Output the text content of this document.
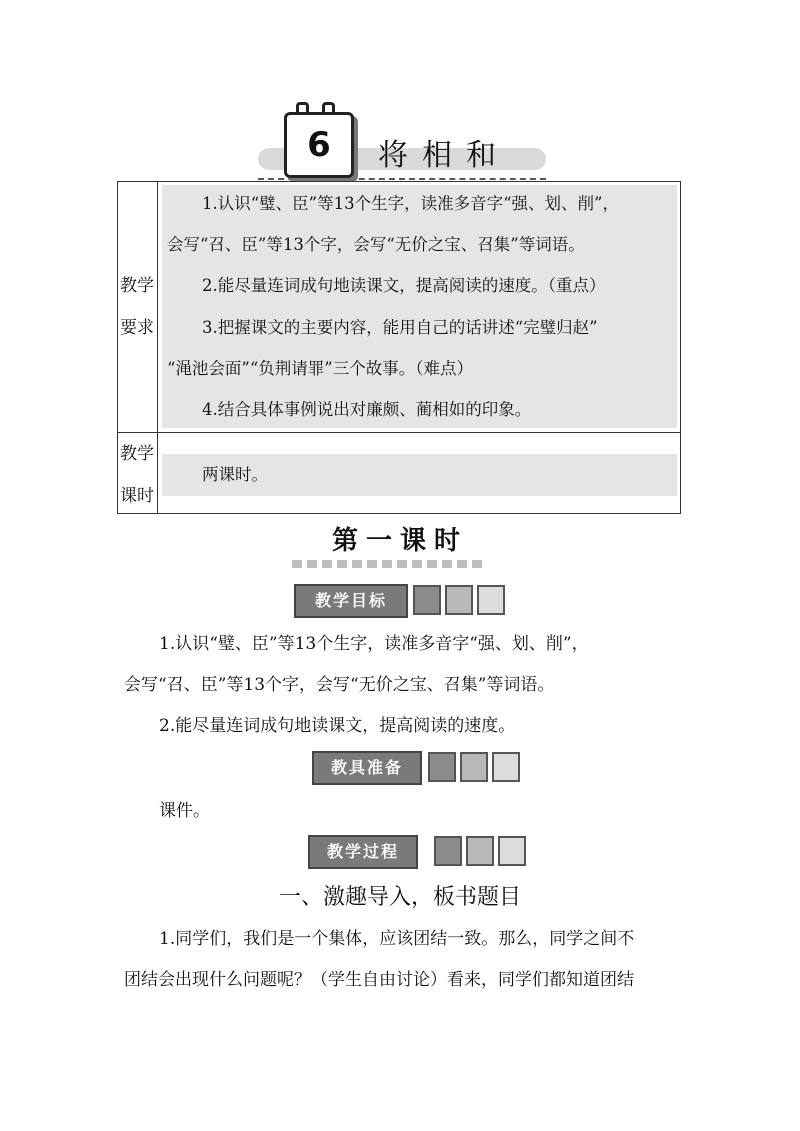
6 将相和
教学
要求
1.认识“璧、臣”等13个生字，读准多音字“强、划、削”，
会写“召、臣”等13个字，会写“无价之宝、召集”等词语。
2.能尽量连词成句地读课文，提高阅读的速度。（重点）
3.把握课文的主要内容，能用自己的话讲述“完璧归赵”
“渑池会面”“负荆请罪”三个故事。（难点）
4.结合具体事例说出对廉颇、蔺相如的印象。
教学
课时
两课时。
第一课时
教学目标
1.认识“璧、臣”等13个生字，读准多音字“强、划、削”，
会写“召、臣”等13个字，会写“无价之宝、召集”等词语。
2.能尽量连词成句地读课文，提高阅读的速度。
教具准备
课件。
教学过程
一、激趣导入，板书题目
1.同学们，我们是一个集体，应该团结一致。那么，同学之间不
团结会出现什么问题呢？（学生自由讨论）看来，同学们都知道团结
